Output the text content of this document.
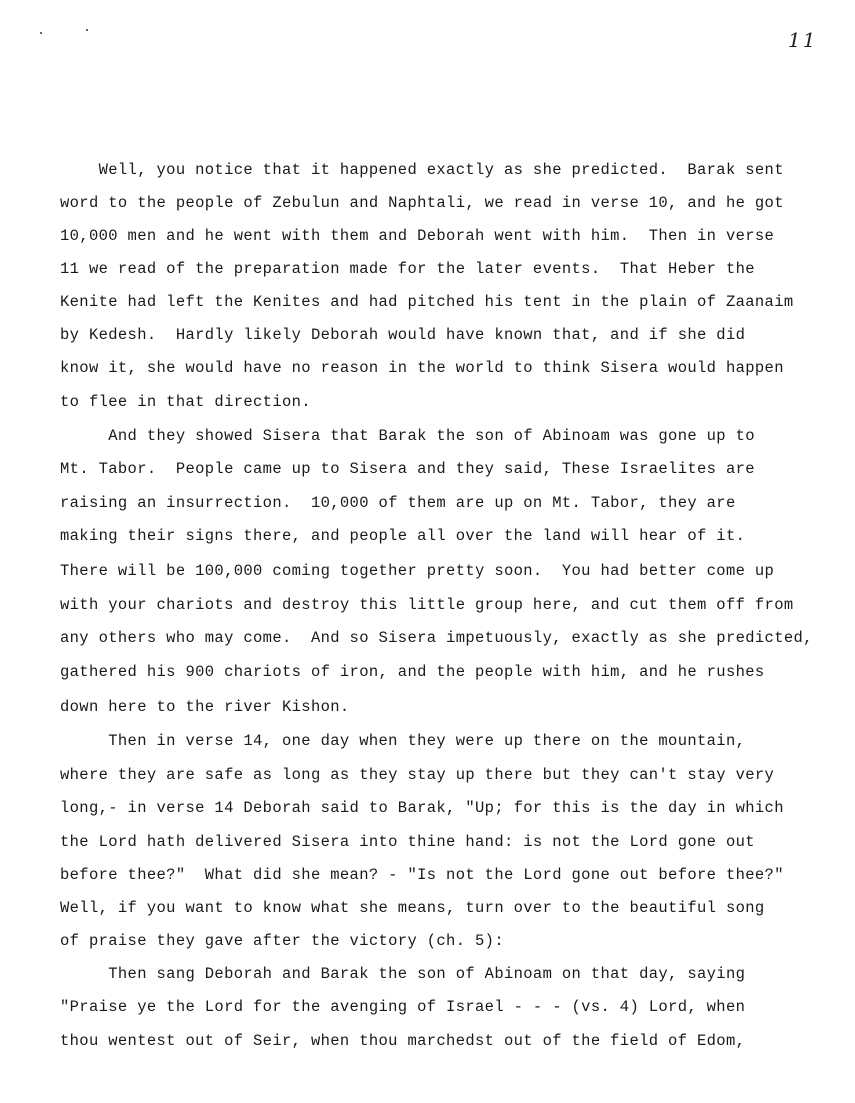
11
Well, you notice that it happened exactly as she predicted.  Barak sent
word to the people of Zebulun and Naphtali, we read in verse 10, and he got
10,000 men and he went with them and Deborah went with him.  Then in verse
11 we read of the preparation made for the later events.  That Heber the
Kenite had left the Kenites and had pitched his tent in the plain of Zaanaim
by Kedesh.  Hardly likely Deborah would have known that, and if she did
know it, she would have no reason in the world to think Sisera would happen
to flee in that direction.
And they showed Sisera that Barak the son of Abinoam was gone up to
Mt. Tabor.  People came up to Sisera and they said, These Israelites are
raising an insurrection.  10,000 of them are up on Mt. Tabor, they are
making their signs there, and people all over the land will hear of it.
There will be 100,000 coming together pretty soon.  You had better come up
with your chariots and destroy this little group here, and cut them off from
any others who may come.  And so Sisera impetuously, exactly as she predicted,
gathered his 900 chariots of iron, and the people with him, and he rushes
down here to the river Kishon.
Then in verse 14, one day when they were up there on the mountain,
where they are safe as long as they stay up there but they can't stay very
long,- in verse 14 Deborah said to Barak, "Up; for this is the day in which
the Lord hath delivered Sisera into thine hand: is not the Lord gone out
before thee?"  What did she mean? - "Is not the Lord gone out before thee?"
Well, if you want to know what she means, turn over to the beautiful song
of praise they gave after the victory (ch. 5):
Then sang Deborah and Barak the son of Abinoam on that day, saying
"Praise ye the Lord for the avenging of Israel - - - (vs. 4) Lord, when
thou wentest out of Seir, when thou marchedst out of the field of Edom,
